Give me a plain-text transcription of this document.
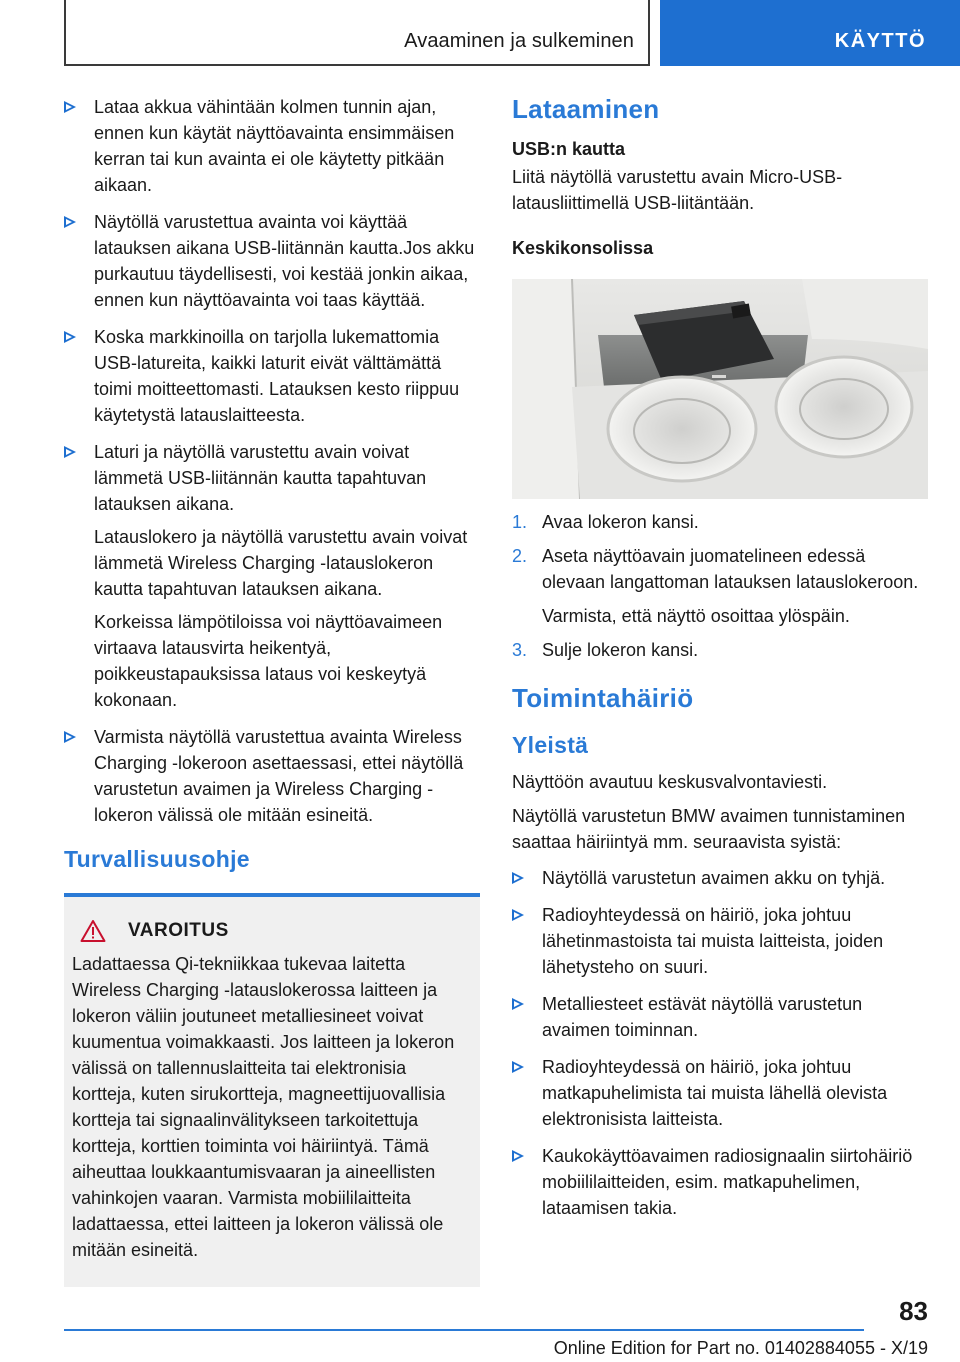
Avaaminen ja sulkeminen	KÄYTTÖ

Lataa akkua vähintään kolmen tunnin ajan, ennen kun käytät näyttöavainta ensimmäisen kerran tai kun avainta ei ole käytetty pitkään aikaan.

Näytöllä varustettua avainta voi käyttää latauksen aikana USB-liitännän kautta.Jos akku purkautuu täydellisesti, voi kestää jonkin aikaa, ennen kun näyttöavainta voi taas käyttää.

Koska markkinoilla on tarjolla lukemattomia USB-latureita, kaikki laturit eivät välttämättä toimi moitteettomasti. Latauksen kesto riippuu käytetystä latauslaitteesta.

Laturi ja näytöllä varustettu avain voivat lämmetä USB-liitännän kautta tapahtuvan latauksen aikana.

Latauslokero ja näytöllä varustettu avain voivat lämmetä Wireless Charging -latauslokeron kautta tapahtuvan latauksen aikana.

Korkeissa lämpötiloissa voi näyttöavaimeen virtaava latausvirta heikentyä, poikkeustapauksissa lataus voi keskeytyä kokonaan.

Varmista näytöllä varustettua avainta Wireless Charging -lokeroon asettaessasi, ettei näytöllä varustetun avaimen ja Wireless Charging -lokeron välissä ole mitään esineitä.

Turvallisuusohje
VAROITUS

Ladattaessa Qi-tekniikkaa tukevaa laitetta Wireless Charging -latauslokerossa laitteen ja lokeron väliin joutuneet metalliesineet voivat kuumentua voimakkaasti. Jos laitteen ja lokeron välissä on tallennuslaitteita tai elektronisia kortteja, kuten sirukortteja, magneettijuovallisia kortteja tai signaalinvälitykseen tarkoitettuja kortteja, korttien toiminta voi häiriintyä. Tämä aiheuttaa loukkaantumisvaaran ja aineellisten vahinkojen vaaran. Varmista mobiililaitteita ladattaessa, ettei laitteen ja lokeron välissä ole mitään esineitä.

Lataaminen
USB:n kautta

Liitä näytöllä varustettu avain Micro-USB-latausliittimellä USB-liitäntään.

Keskikonsolissa
1. Avaa lokeron kansi.

2. Aseta näyttöavain juomatelineen edessä olevaan langattoman latauksen latauslokeroon.

Varmista, että näyttö osoittaa ylöspäin.

3. Sulje lokeron kansi.

Toimintahäiriö
Yleistä

Näyttöön avautuu keskusvalvontaviesti.

Näytöllä varustetun BMW avaimen tunnistaminen saattaa häiriintyä mm. seuraavista syistä:

Näytöllä varustetun avaimen akku on tyhjä.

Radioyhteydessä on häiriö, joka johtuu lähetinmastoista tai muista laitteista, joiden lähetysteho on suuri.

Metalliesteet estävät näytöllä varustetun avaimen toiminnan.

Radioyhteydessä on häiriö, joka johtuu matkapuhelimista tai muista lähellä olevista elektronisista laitteista.

Kaukokäyttöavaimen radiosignaalin siirtohäiriö mobiililaitteiden, esim. matkapuhelimen, lataamisen takia.

83
Online Edition for Part no. 01402884055 - X/19
